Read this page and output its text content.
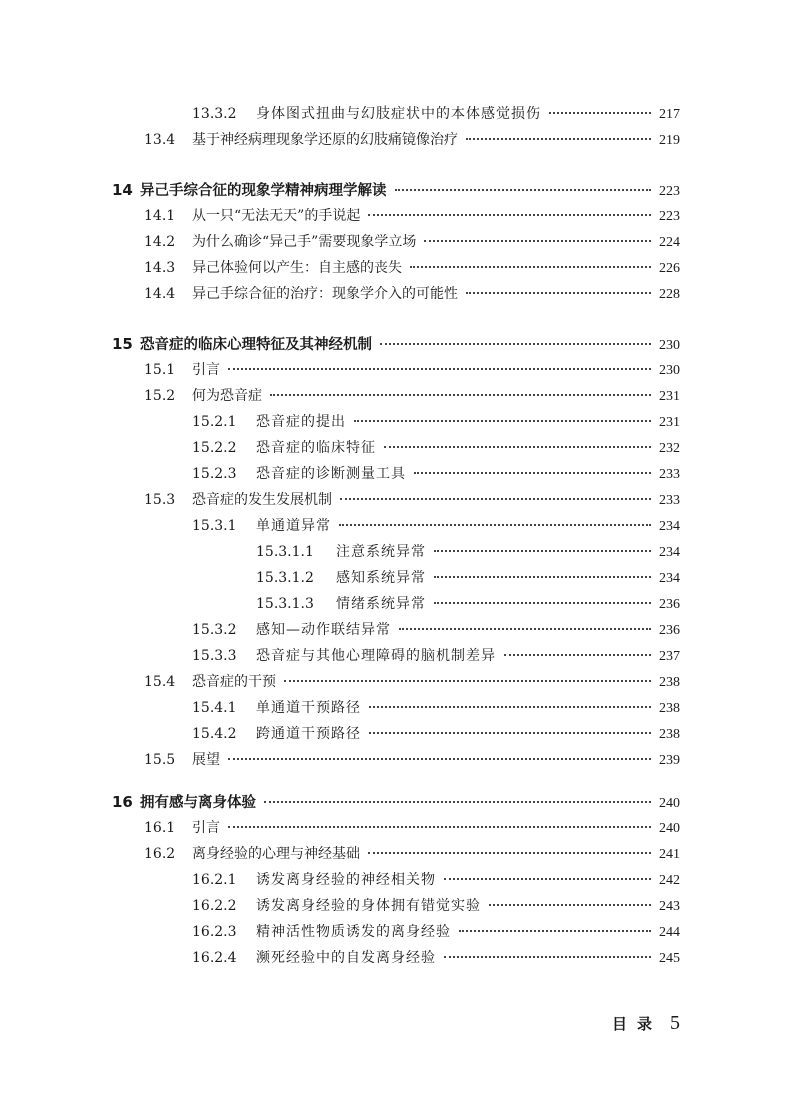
13.3.2	身体图式扭曲与幻肢症状中的本体感觉损伤	217
13.4	基于神经病理现象学还原的幻肢痛镜像治疗	219
14 异己手综合征的现象学精神病理学解读	223
14.1	从一只“无法无天”的手说起	223
14.2	为什么确诊“异己手”需要现象学立场	224
14.3	异己体验何以产生：自主感的丧失	226
14.4	异己手综合征的治疗：现象学介入的可能性	228
15 恐音症的临床心理特征及其神经机制	230
15.1	引言	230
15.2	何为恐音症	231
15.2.1	恐音症的提出	231
15.2.2	恐音症的临床特征	232
15.2.3	恐音症的诊断测量工具	233
15.3	恐音症的发生发展机制	233
15.3.1	单通道异常	234
15.3.1.1	注意系统异常	234
15.3.1.2	感知系统异常	234
15.3.1.3	情绪系统异常	236
15.3.2	感知—动作联结异常	236
15.3.3	恐音症与其他心理障碍的脑机制差异	237
15.4	恐音症的干预	238
15.4.1	单通道干预路径	238
15.4.2	跨通道干预路径	238
15.5	展望	239
16 拥有感与离身体验	240
16.1	引言	240
16.2	离身经验的心理与神经基础	241
16.2.1	诱发离身经验的神经相关物	242
16.2.2	诱发离身经验的身体拥有错觉实验	243
16.2.3	精神活性物质诱发的离身经验	244
16.2.4	濒死经验中的自发离身经验	245
目录 5
